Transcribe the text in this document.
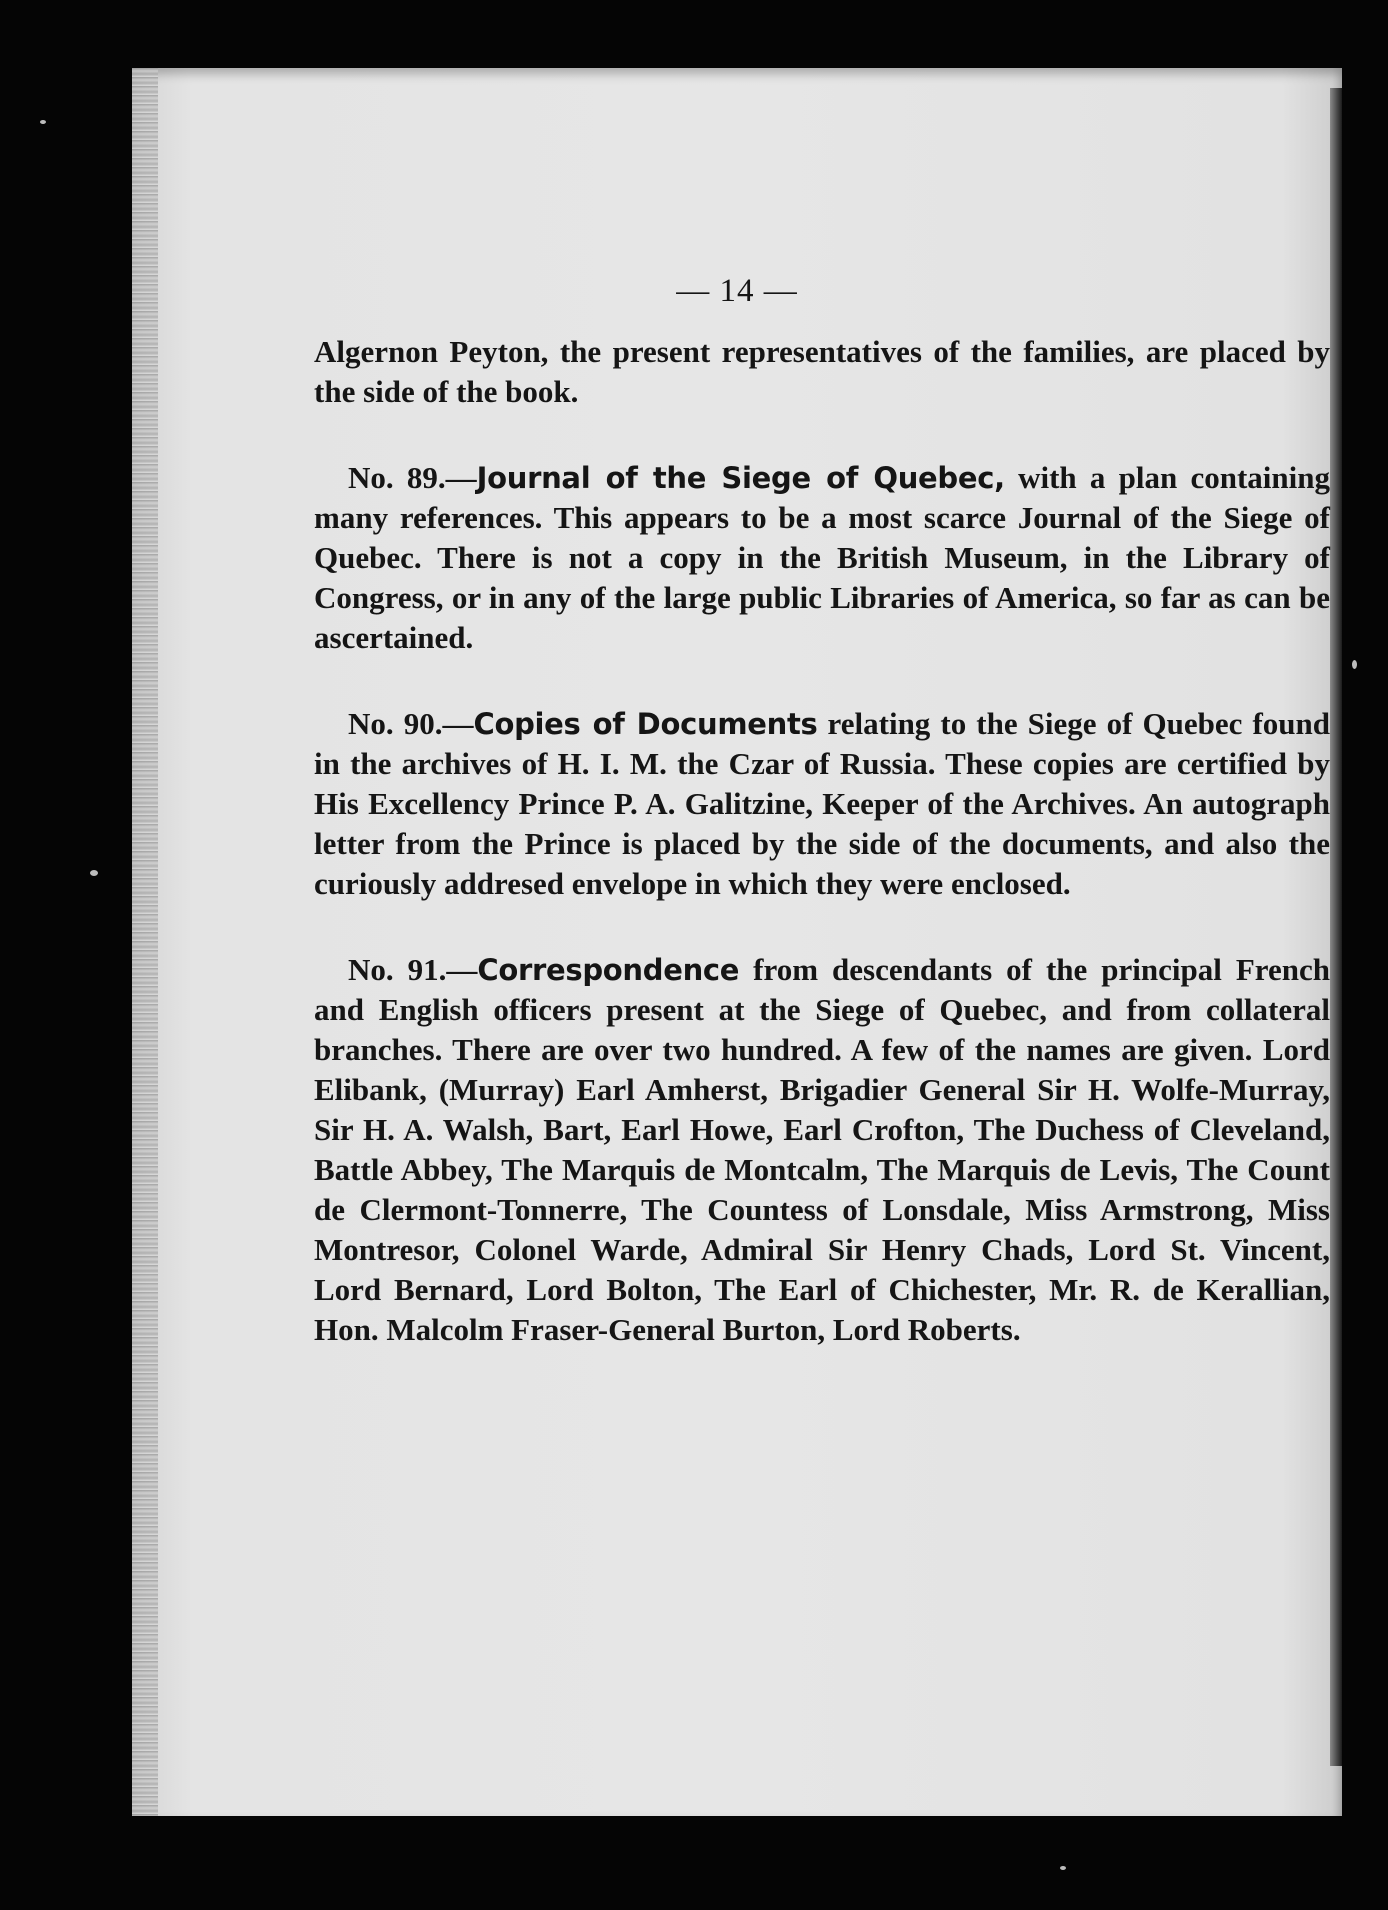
— 14 —

Algernon Peyton, the present representatives of the families, are placed by the side of the book.

No. 89.—Journal of the Siege of Quebec, with a plan containing many references. This appears to be a most scarce Journal of the Siege of Quebec. There is not a copy in the British Museum, in the Library of Congress, or in any of the large public Libraries of America, so far as can be ascertained.

No. 90.—Copies of Documents relating to the Siege of Quebec found in the archives of H. I. M. the Czar of Russia. These copies are certified by His Excellency Prince P. A. Galitzine, Keeper of the Archives. An autograph letter from the Prince is placed by the side of the documents, and also the curiously addresed envelope in which they were enclosed.

No. 91.—Correspondence from descendants of the principal French and English officers present at the Siege of Quebec, and from collateral branches. There are over two hundred. A few of the names are given. Lord Elibank, (Murray) Earl Amherst, Brigadier General Sir H. Wolfe-Murray, Sir H. A. Walsh, Bart, Earl Howe, Earl Crofton, The Duchess of Cleveland, Battle Abbey, The Marquis de Montcalm, The Marquis de Levis, The Count de Clermont-Tonnerre, The Countess of Lonsdale, Miss Armstrong, Miss Montresor, Colonel Warde, Admiral Sir Henry Chads, Lord St. Vincent, Lord Bernard, Lord Bolton, The Earl of Chichester, Mr. R. de Kerallian, Hon. Malcolm Fraser-General Burton, Lord Roberts.
